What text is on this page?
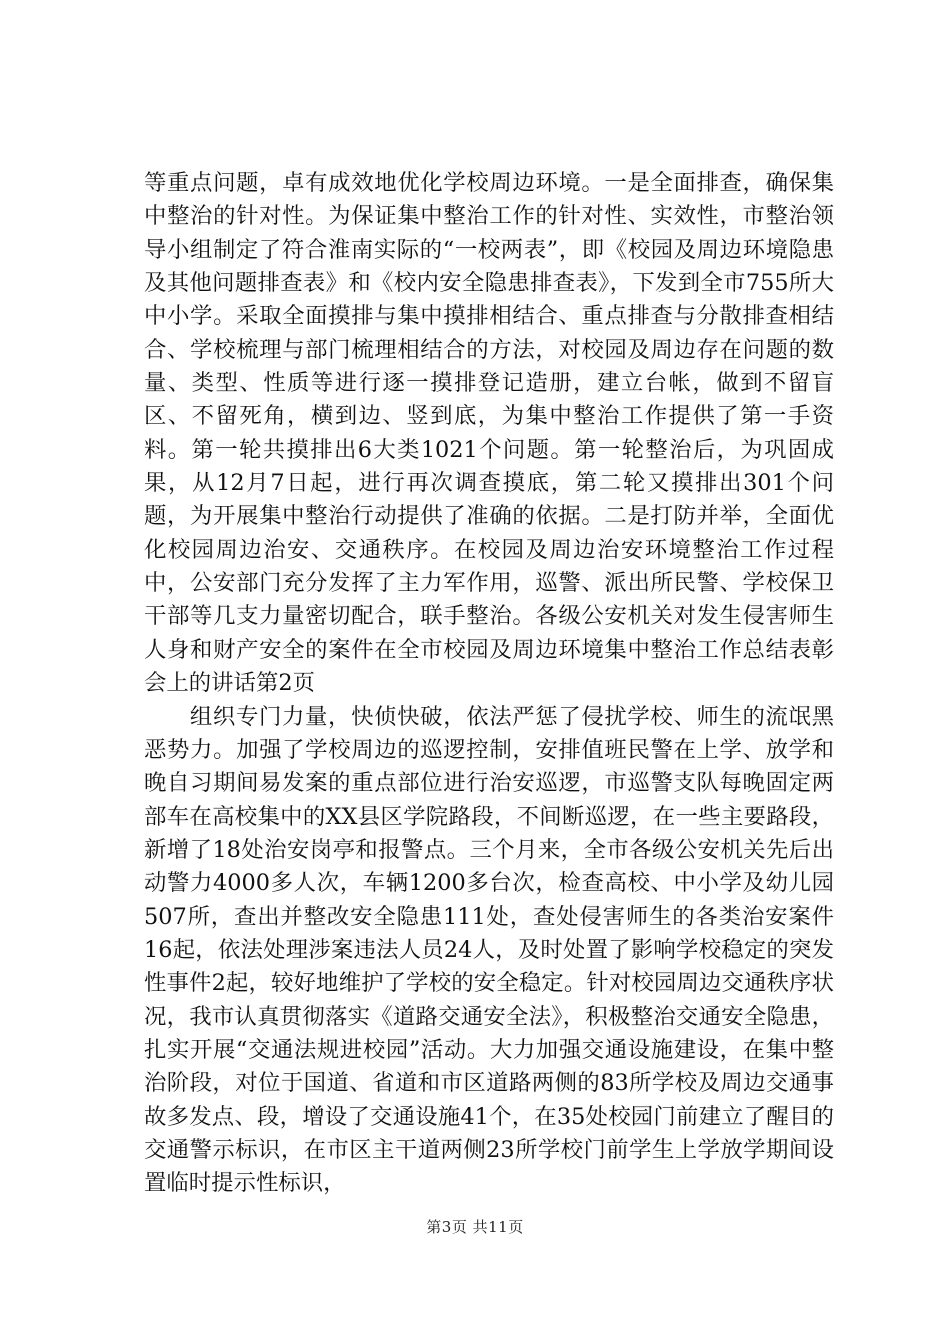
等重点问题，卓有成效地优化学校周边环境。一是全面排查，确保集中整治的针对性。为保证集中整治工作的针对性、实效性，市整治领导小组制定了符合淮南实际的“一校两表”，即《校园及周边环境隐患及其他问题排查表》和《校内安全隐患排查表》，下发到全市755所大中小学。采取全面摸排与集中摸排相结合、重点排查与分散排查相结合、学校梳理与部门梳理相结合的方法，对校园及周边存在问题的数量、类型、性质等进行逐一摸排登记造册，建立台帐，做到不留盲区、不留死角，横到边、竖到底，为集中整治工作提供了第一手资料。第一轮共摸排出6大类1021个问题。第一轮整治后，为巩固成果，从12月7日起，进行再次调查摸底，第二轮又摸排出301个问题，为开展集中整治行动提供了准确的依据。二是打防并举，全面优化校园周边治安、交通秩序。在校园及周边治安环境整治工作过程中，公安部门充分发挥了主力军作用，巡警、派出所民警、学校保卫干部等几支力量密切配合，联手整治。各级公安机关对发生侵害师生人身和财产安全的案件在全市校园及周边环境集中整治工作总结表彰会上的讲话第2页

组织专门力量，快侦快破，依法严惩了侵扰学校、师生的流氓黑恶势力。加强了学校周边的巡逻控制，安排值班民警在上学、放学和晚自习期间易发案的重点部位进行治安巡逻，市巡警支队每晚固定两部车在高校集中的XX县区学院路段，不间断巡逻，在一些主要路段，新增了18处治安岗亭和报警点。三个月来，全市各级公安机关先后出动警力4000多人次，车辆1200多台次，检查高校、中小学及幼儿园507所，查出并整改安全隐患111处，查处侵害师生的各类治安案件16起，依法处理涉案违法人员24人，及时处置了影响学校稳定的突发性事件2起，较好地维护了学校的安全稳定。针对校园周边交通秩序状况，我市认真贯彻落实《道路交通安全法》，积极整治交通安全隐患，扎实开展“交通法规进校园”活动。大力加强交通设施建设，在集中整治阶段，对位于国道、省道和市区道路两侧的83所学校及周边交通事故多发点、段，增设了交通设施41个，在35处校园门前建立了醒目的交通警示标识，在市区主干道两侧23所学校门前学生上学放学期间设置临时提示性标识，

第3页 共11页
